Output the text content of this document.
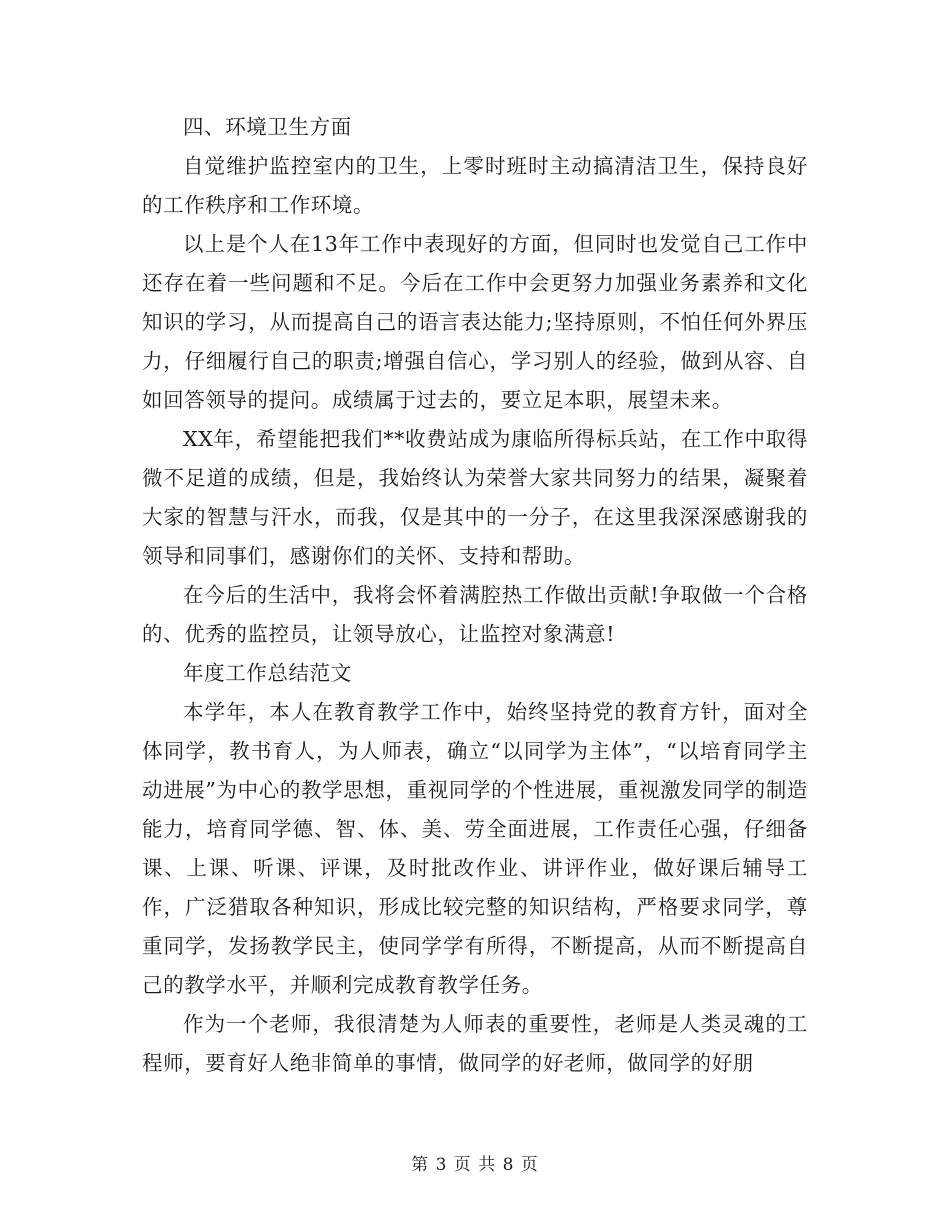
四、环境卫生方面

自觉维护监控室内的卫生，上零时班时主动搞清洁卫生，保持良好的工作秩序和工作环境。

以上是个人在13年工作中表现好的方面，但同时也发觉自己工作中还存在着一些问题和不足。今后在工作中会更努力加强业务素养和文化知识的学习，从而提高自己的语言表达能力;坚持原则，不怕任何外界压力，仔细履行自己的职责;增强自信心，学习别人的经验，做到从容、自如回答领导的提问。成绩属于过去的，要立足本职，展望未来。

XX年，希望能把我们**收费站成为康临所得标兵站，在工作中取得微不足道的成绩，但是，我始终认为荣誉大家共同努力的结果，凝聚着大家的智慧与汗水，而我，仅是其中的一分子，在这里我深深感谢我的领导和同事们，感谢你们的关怀、支持和帮助。

在今后的生活中，我将会怀着满腔热工作做出贡献!争取做一个合格的、优秀的监控员，让领导放心，让监控对象满意!

年度工作总结范文

本学年，本人在教育教学工作中，始终坚持党的教育方针，面对全体同学，教书育人，为人师表，确立“以同学为主体”，“以培育同学主动进展”为中心的教学思想，重视同学的个性进展，重视激发同学的制造能力，培育同学德、智、体、美、劳全面进展，工作责任心强，仔细备课、上课、听课、评课，及时批改作业、讲评作业，做好课后辅导工作，广泛猎取各种知识，形成比较完整的知识结构，严格要求同学，尊重同学，发扬教学民主，使同学学有所得，不断提高，从而不断提高自己的教学水平，并顺利完成教育教学任务。

作为一个老师，我很清楚为人师表的重要性，老师是人类灵魂的工程师，要育好人绝非简单的事情，做同学的好老师，做同学的好朋

第 3 页 共 8 页
